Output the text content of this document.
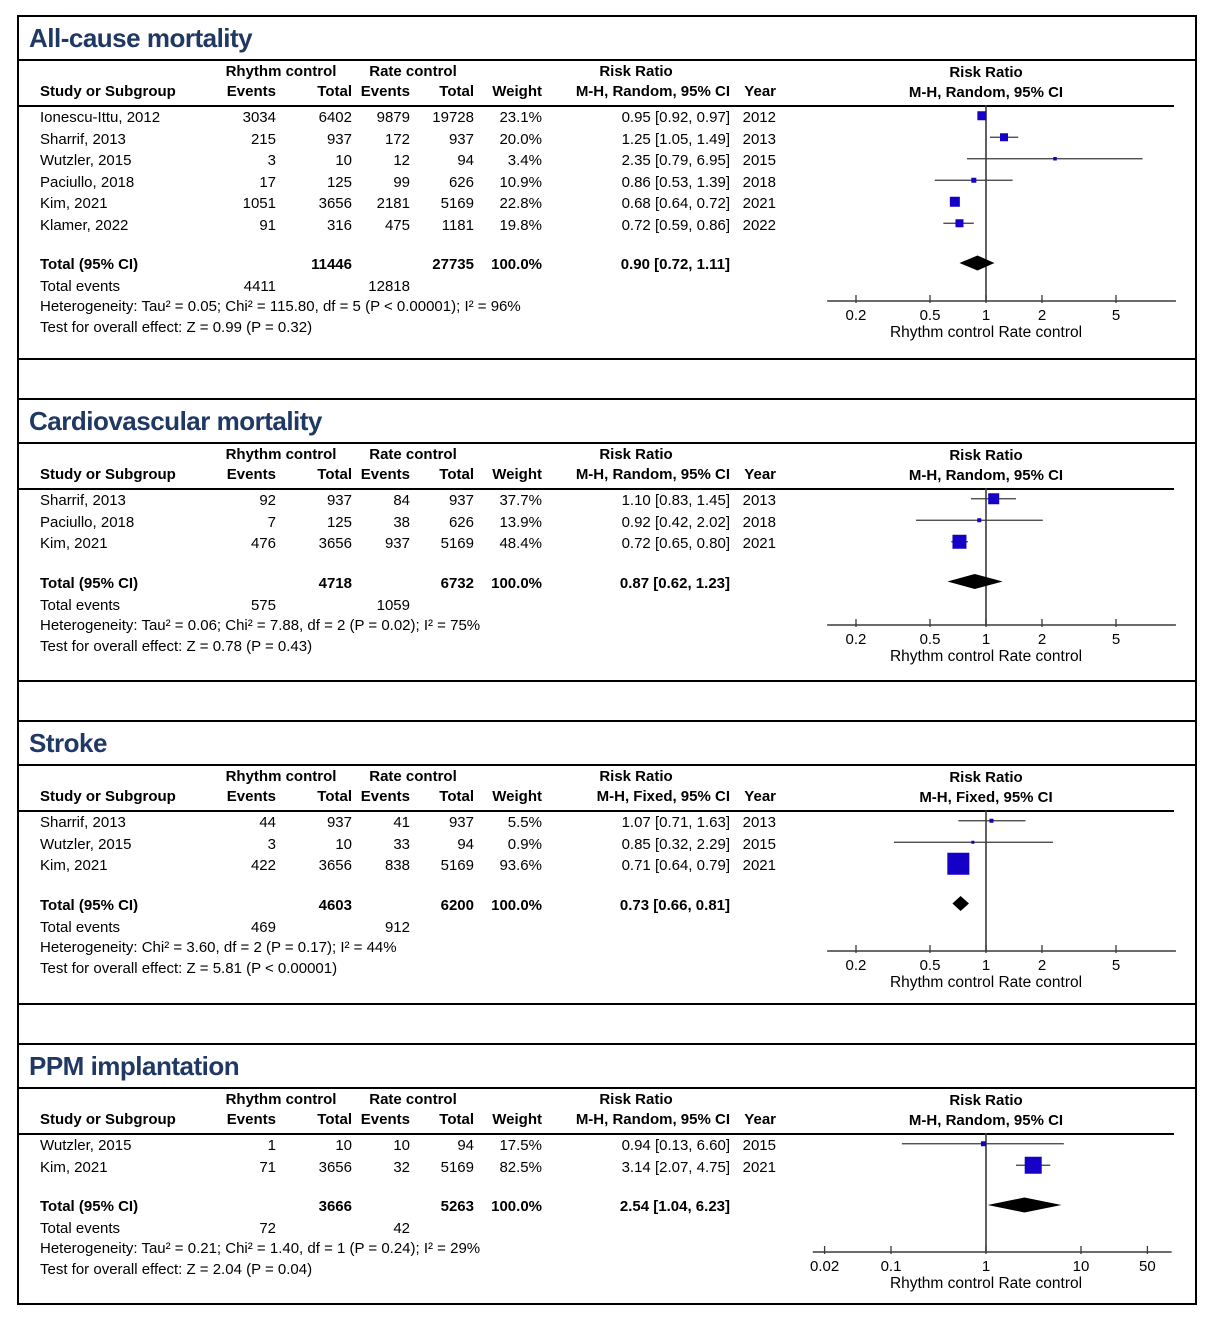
All-cause mortality
Rhythm control	Rate control	Risk Ratio
Study or Subgroup	Events	Total Events	Total	Weight	M-H, Random, 95% CI Year
Ionescu-Ittu, 2012	3034	6402	9879	19728	23.1%	0.95 [0.92, 0.97] 2012
Sharrif, 2013	215	937	172	937	20.0%	1.25 [1.05, 1.49] 2013
Wutzler, 2015	3	10	12	94	3.4%	2.35 [0.79, 6.95] 2015
Paciullo, 2018	17	125	99	626	10.9%	0.86 [0.53, 1.39] 2018
Kim, 2021	1051	3656	2181	5169	22.8%	0.68 [0.64, 0.72] 2021
Klamer, 2022	91	316	475	1181	19.8%	0.72 [0.59, 0.86] 2022
Total (95% CI)	11446	27735	100.0%	0.90 [0.72, 1.11]
Total events	4411	12818
Heterogeneity: Tau² = 0.05; Chi² = 115.80, df = 5 (P < 0.00001); I² = 96%
Test for overall effect: Z = 0.99 (P = 0.32)
Risk Ratio
M-H, Random, 95% CI
0.2	0.5	1	2	5
Rhythm control Rate control
Cardiovascular mortality
Rhythm control	Rate control	Risk Ratio
Study or Subgroup	Events	Total Events	Total	Weight	M-H, Random, 95% CI Year
Sharrif, 2013	92	937	84	937	37.7%	1.10 [0.83, 1.45] 2013
Paciullo, 2018	7	125	38	626	13.9%	0.92 [0.42, 2.02] 2018
Kim, 2021	476	3656	937	5169	48.4%	0.72 [0.65, 0.80] 2021
Total (95% CI)	4718	6732	100.0%	0.87 [0.62, 1.23]
Total events	575	1059
Heterogeneity: Tau² = 0.06; Chi² = 7.88, df = 2 (P = 0.02); I² = 75%
Test for overall effect: Z = 0.78 (P = 0.43)
Risk Ratio
M-H, Random, 95% CI
0.2	0.5	1	2	5
Rhythm control Rate control
Stroke
Rhythm control	Rate control	Risk Ratio
Study or Subgroup	Events	Total Events	Total	Weight	M-H, Fixed, 95% CI Year
Sharrif, 2013	44	937	41	937	5.5%	1.07 [0.71, 1.63] 2013
Wutzler, 2015	3	10	33	94	0.9%	0.85 [0.32, 2.29] 2015
Kim, 2021	422	3656	838	5169	93.6%	0.71 [0.64, 0.79] 2021
Total (95% CI)	4603	6200	100.0%	0.73 [0.66, 0.81]
Total events	469	912
Heterogeneity: Chi² = 3.60, df = 2 (P = 0.17); I² = 44%
Test for overall effect: Z = 5.81 (P < 0.00001)
Risk Ratio
M-H, Fixed, 95% CI
0.2	0.5	1	2	5
Rhythm control Rate control
PPM implantation
Rhythm control	Rate control	Risk Ratio
Study or Subgroup	Events	Total Events	Total	Weight	M-H, Random, 95% CI Year
Wutzler, 2015	1	10	10	94	17.5%	0.94 [0.13, 6.60] 2015
Kim, 2021	71	3656	32	5169	82.5%	3.14 [2.07, 4.75] 2021
Total (95% CI)	3666	5263	100.0%	2.54 [1.04, 6.23]
Total events	72	42
Heterogeneity: Tau² = 0.21; Chi² = 1.40, df = 1 (P = 0.24); I² = 29%
Test for overall effect: Z = 2.04 (P = 0.04)
Risk Ratio
M-H, Random, 95% CI
0.02	0.1	1	10	50
Rhythm control Rate control
